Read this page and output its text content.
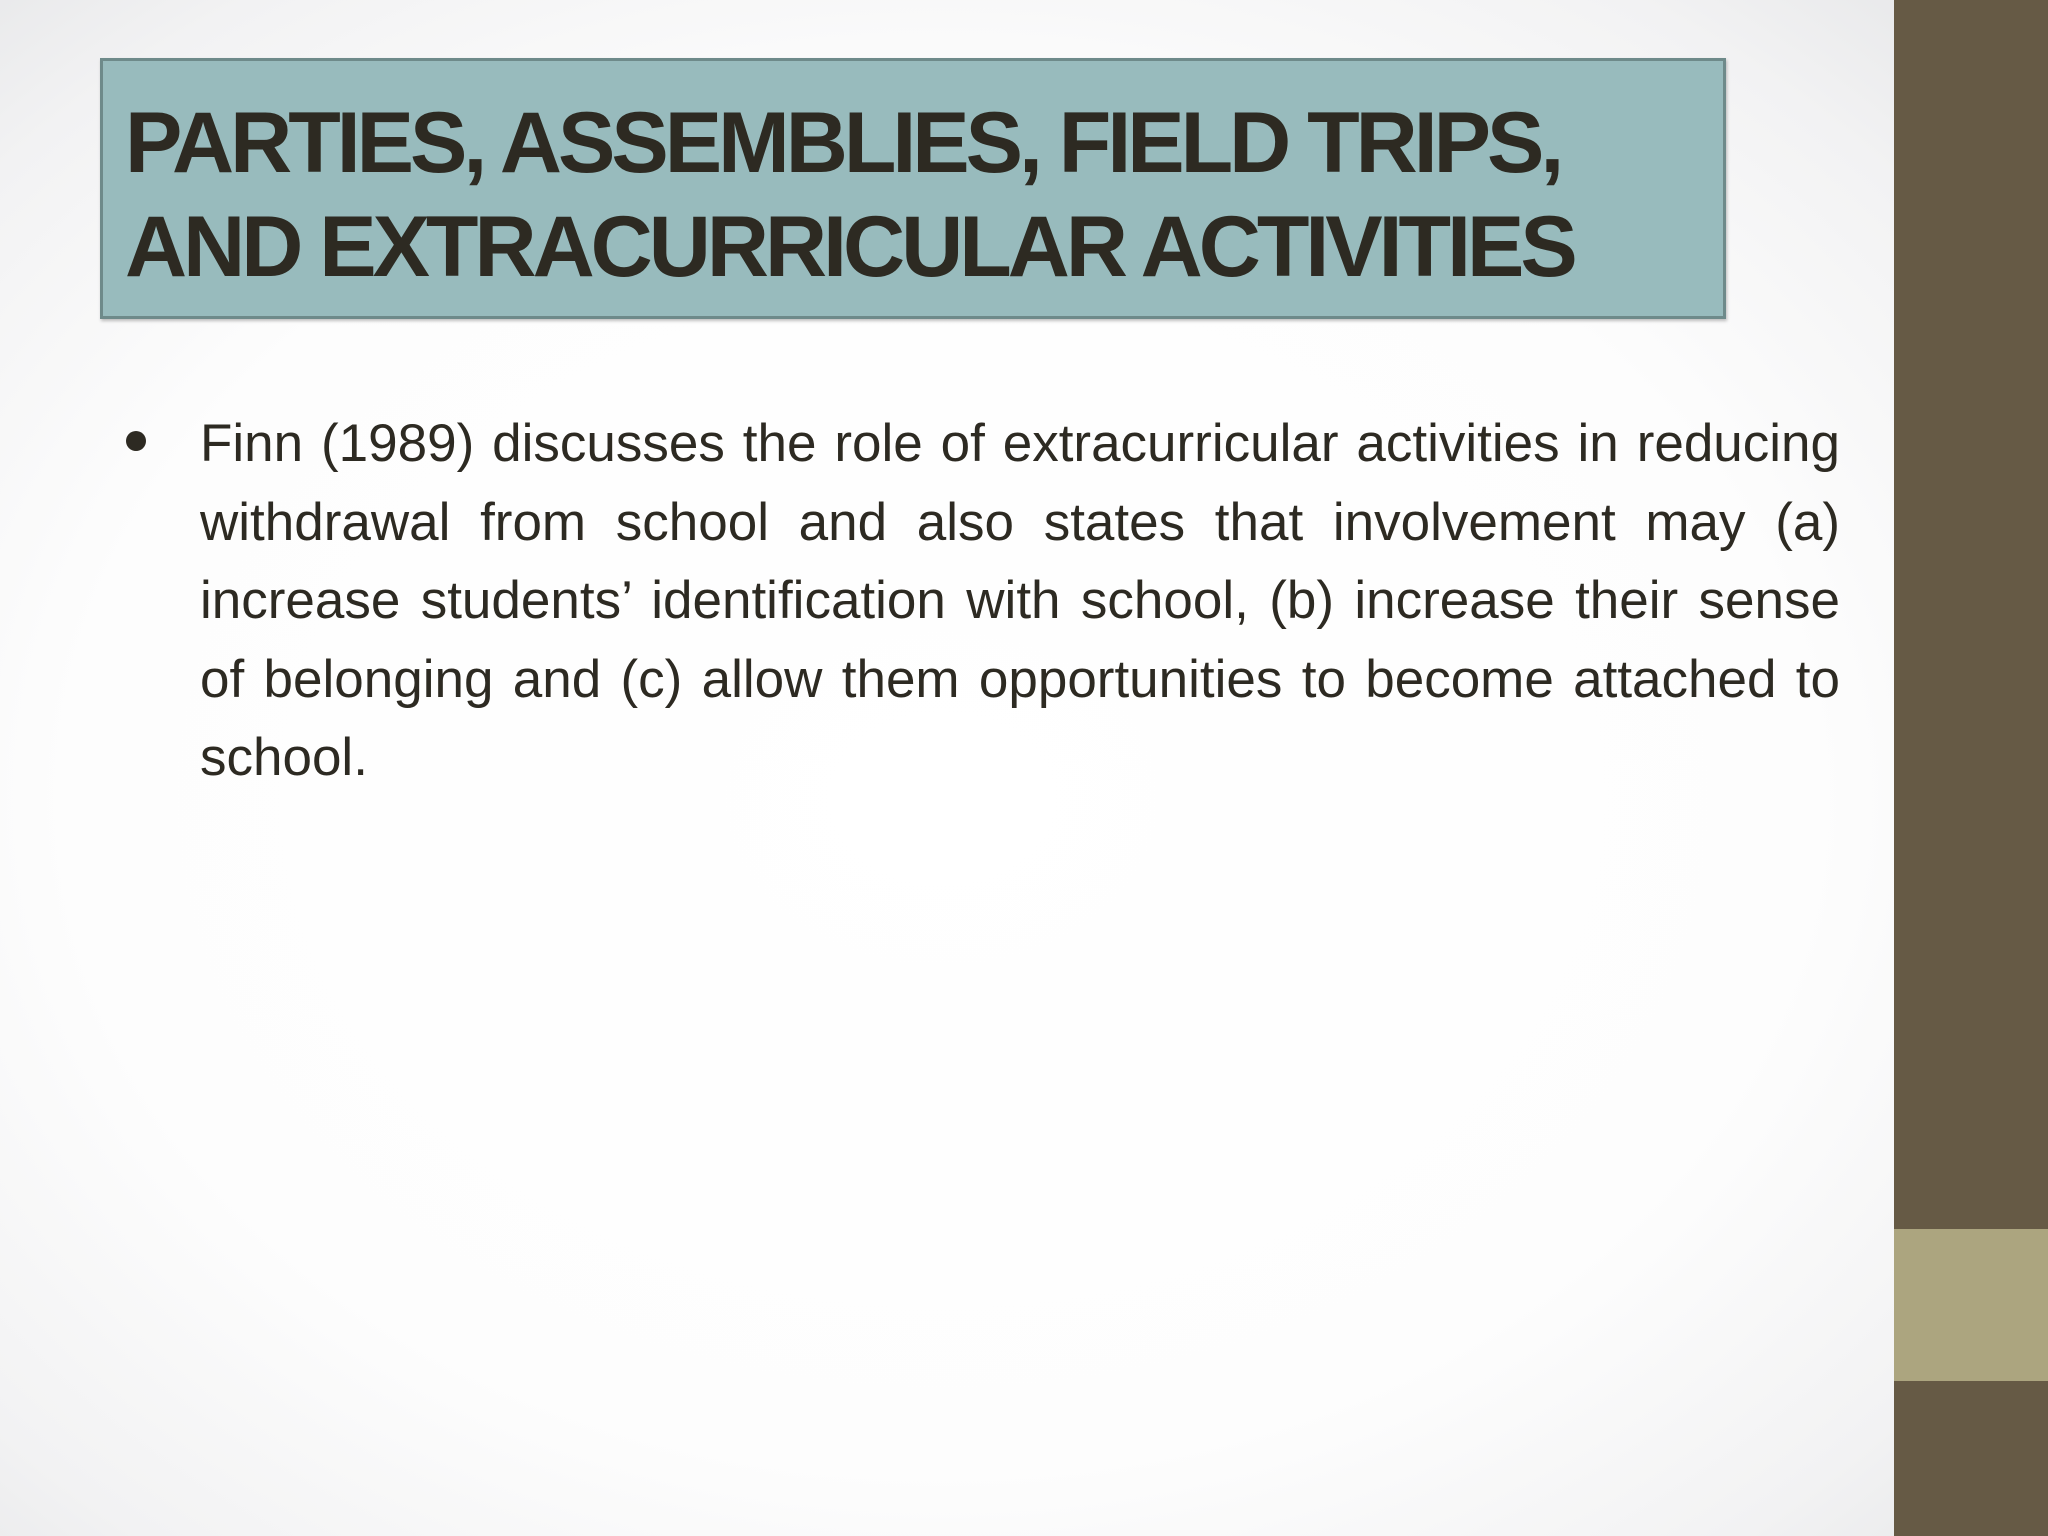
PARTIES, ASSEMBLIES, FIELD TRIPS,
AND EXTRACURRICULAR ACTIVITIES

Finn (1989) discusses the role of extracurricular activities in reducing withdrawal from school and also states that involvement may (a) increase students’ identification with school, (b) increase their sense of belonging and (c) allow them opportunities to become attached to school.
